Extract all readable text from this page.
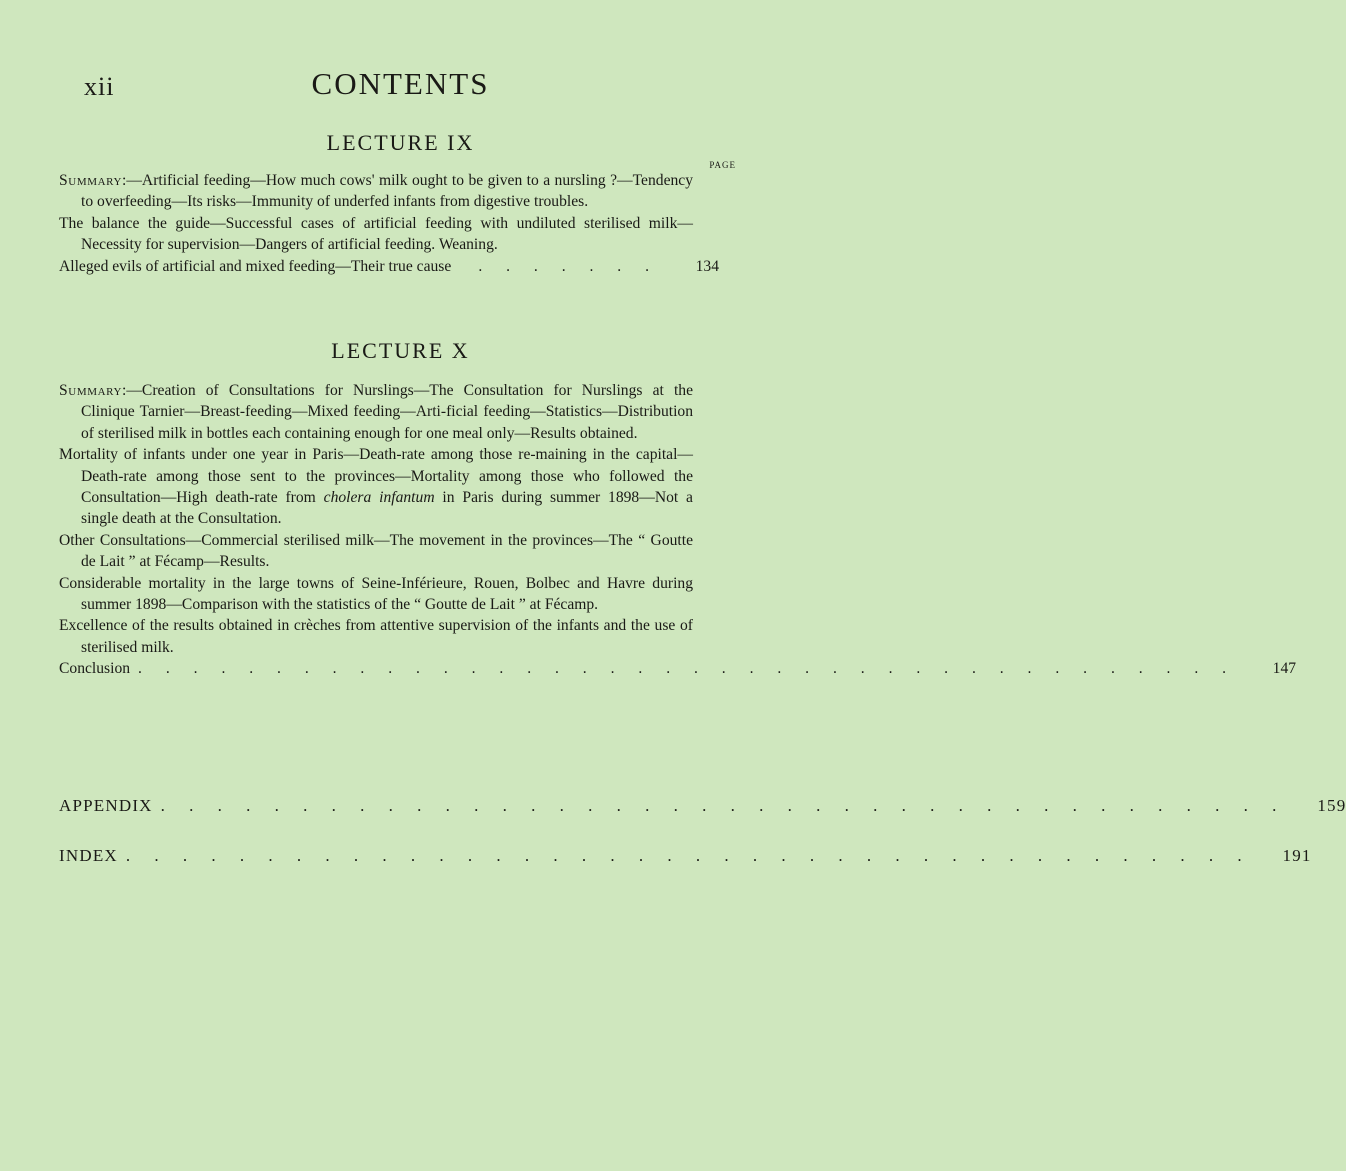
xii	CONTENTS
LECTURE IX
PAGE

Summary:—Artificial feeding—How much cows' milk ought to be given to a nursling ?—Tendency to overfeeding—Its risks—Immunity of underfed infants from digestive troubles.

The balance the guide—Successful cases of artificial feeding with undiluted sterilised milk—Necessity for supervision—Dangers of artificial feeding. Weaning.

Alleged evils of artificial and mixed feeding—Their true cause	. . . . . . .	134
LECTURE X

Summary:—Creation of Consultations for Nurslings—The Consultation for Nurslings at the Clinique Tarnier—Breast-feeding—Mixed feeding—Arti-ficial feeding—Statistics—Distribution of sterilised milk in bottles each containing enough for one meal only—Results obtained.

Mortality of infants under one year in Paris—Death-rate among those re-maining in the capital—Death-rate among those sent to the provinces—Mortality among those who followed the Consultation—High death-rate from cholera infantum in Paris during summer 1898—Not a single death at the Consultation.

Other Consultations—Commercial sterilised milk—The movement in the provinces—The “ Goutte de Lait ” at Fécamp—Results.

Considerable mortality in the large towns of Seine-Inférieure, Rouen, Bolbec and Havre during summer 1898—Comparison with the statistics of the “ Goutte de Lait ” at Fécamp.

Excellence of the results obtained in crèches from attentive supervision of the infants and the use of sterilised milk.

Conclusion . . . . . . . . . . . . . . . . . . . . . . . . . . . . . . . . . . . . . . . .	147
APPENDIX . . . . . . . . . . . . . . . . . . . . . . . . . . . . . . . . . . . . . . . . 159
INDEX . . . . . . . . . . . . . . . . . . . . . . . . . . . . . . . . . . . . . . . . 191
